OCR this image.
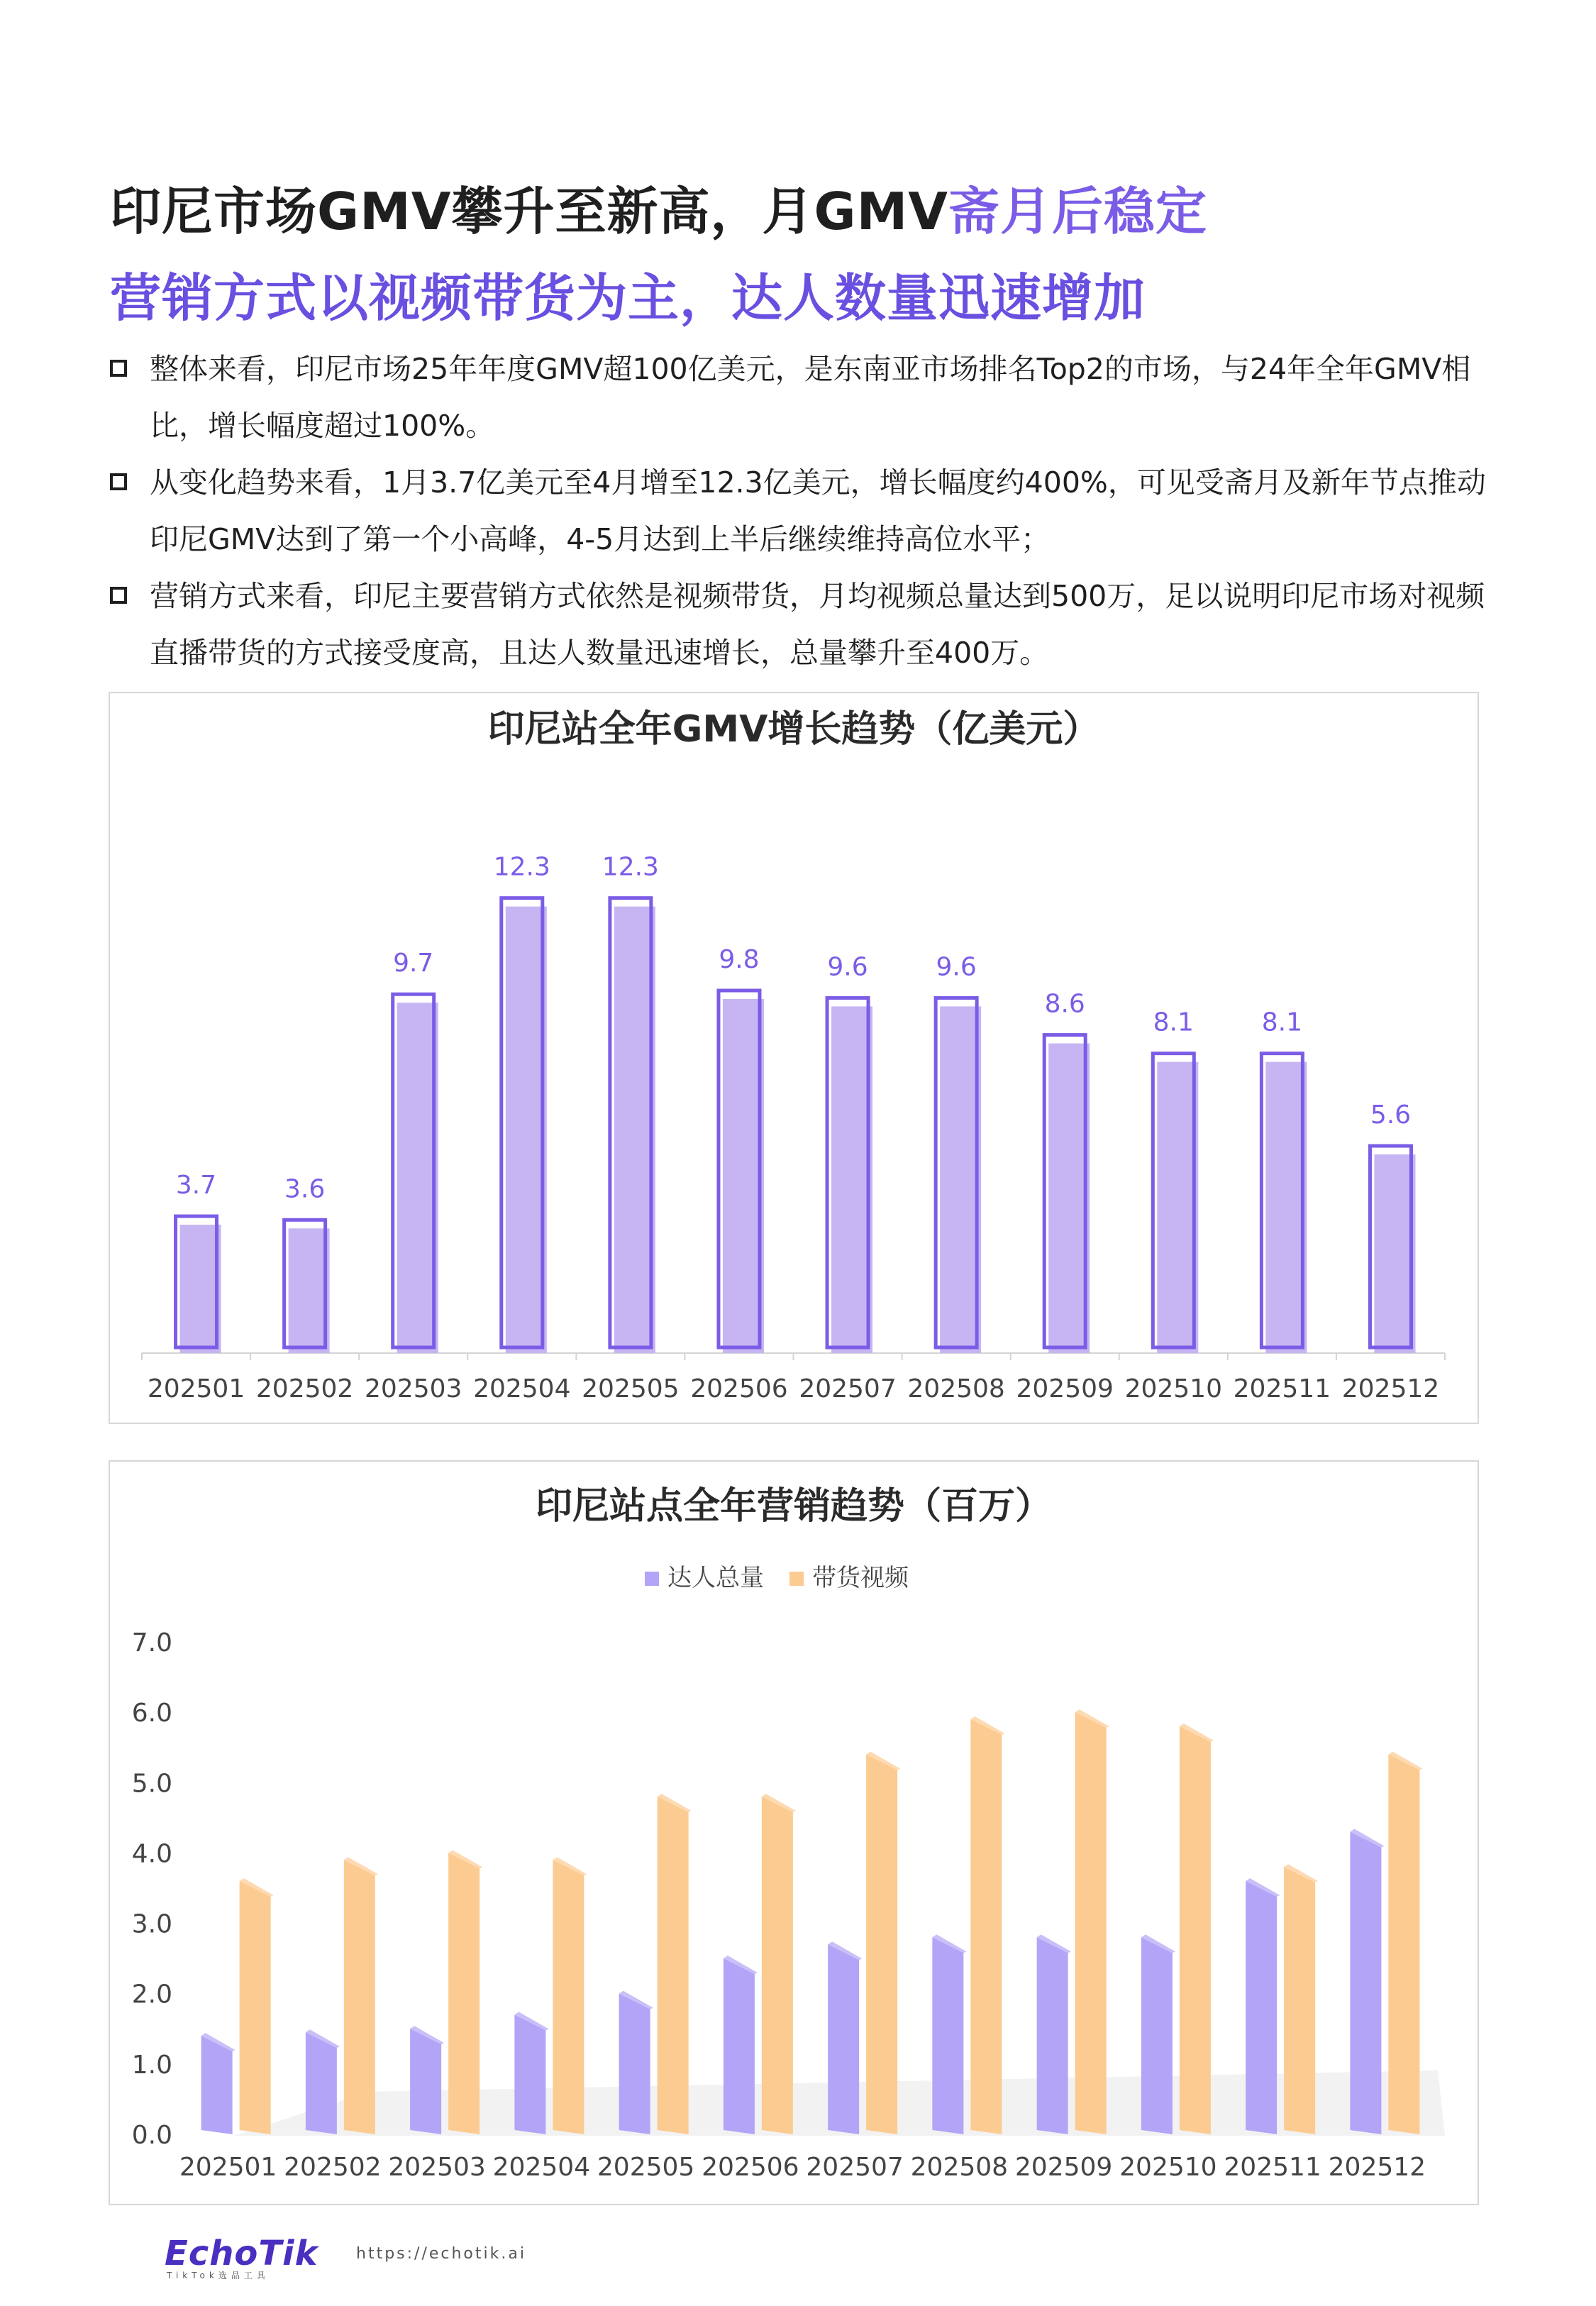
印尼市场GMV攀升至新高，月GMV斋月后稳定
营销方式以视频带货为主，达人数量迅速增加
整体来看，印尼市场25年年度GMV超100亿美元，是东南亚市场排名Top2的市场，与24年全年GMV相比，增长幅度超过100%。
从变化趋势来看，1月3.7亿美元至4月增至12.3亿美元，增长幅度约400%，可见受斋月及新年节点推动印尼GMV达到了第一个小高峰，4-5月达到上半后继续维持高位水平；
营销方式来看，印尼主要营销方式依然是视频带货，月均视频总量达到500万，足以说明印尼市场对视频直播带货的方式接受度高，且达人数量迅速增长，总量攀升至400万。
印尼站全年GMV增长趋势（亿美元）
3.7
202501
3.6
202502
9.7
202503
12.3
202504
12.3
202505
9.8
202506
9.6
202507
9.6
202508
8.6
202509
8.1
202510
8.1
202511
5.6
202512
印尼站点全年营销趋势（百万）
达人总量 带货视频
0.0
1.0
2.0
3.0
4.0
5.0
6.0
7.0
202501 202502 202503 202504 202505 202506 202507 202508 202509 202510 202511 202512
EchoTik
TikTok选品工具
https://echotik.ai
